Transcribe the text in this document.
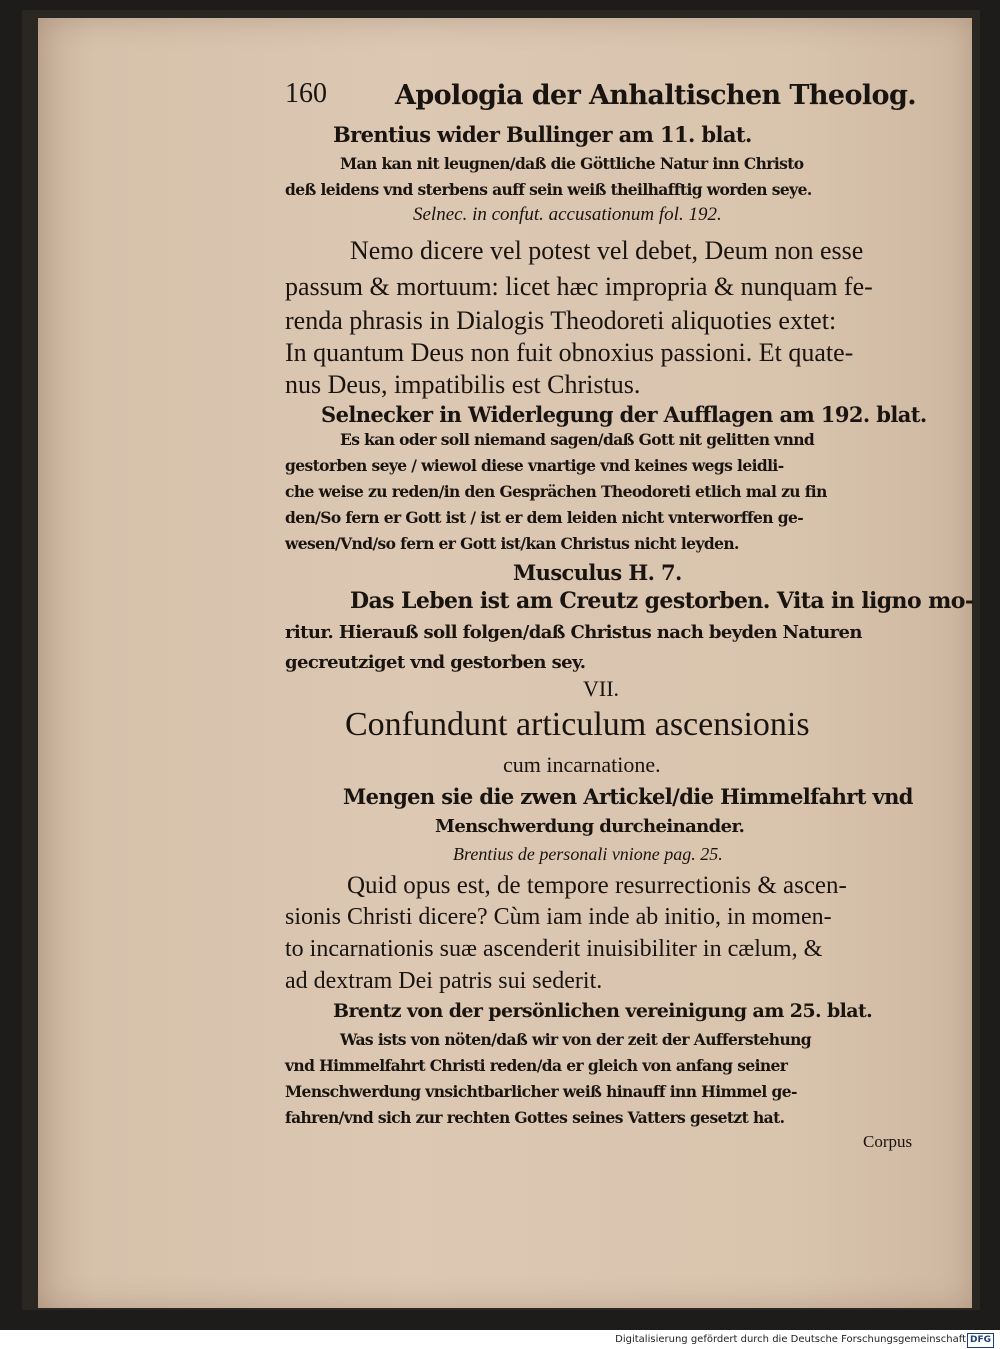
160	Apologia der Anhaltischen Theolog.
Brentius wider Bullinger am 11. blat.
Man kan nit leugnen/daß die Göttliche Natur inn Christo
deß leidens vnd sterbens auff sein weiß theilhafftig worden seye.
Selnec. in confut. accusationum fol. 192.
Nemo dicere vel potest vel debet, Deum non esse
passum & mortuum: licet hæc impropria & nunquam fe-
renda phrasis in Dialogis Theodoreti aliquoties extet:
In quantum Deus non fuit obnoxius passioni. Et quate-
nus Deus, impatibilis est Christus.
Selnecker in Widerlegung der Aufflagen am 192. blat.
Es kan oder soll niemand sagen/daß Gott nit gelitten vnnd
gestorben seye / wiewol diese vnartige vnd keines wegs leidli-
che weise zu reden/in den Gesprächen Theodoreti etlich mal zu fin
den/So fern er Gott ist / ist er dem leiden nicht vnterworffen ge-
wesen/Vnd/so fern er Gott ist/kan Christus nicht leyden.
Musculus H. 7.
Das Leben ist am Creutz gestorben. Vita in ligno mo-
ritur. Hierauß soll folgen/daß Christus nach beyden Naturen
gecreutziget vnd gestorben sey.
VII.
Confundunt articulum ascensionis
cum incarnatione.
Mengen sie die zwen Artickel/die Himmelfahrt vnd
Menschwerdung durcheinander.
Brentius de personali vnione pag. 25.
Quid opus est, de tempore resurrectionis & ascen-
sionis Christi dicere? Cùm iam inde ab initio, in momen-
to incarnationis suæ ascenderit inuisibiliter in cælum, &
ad dextram Dei patris sui sederit.
Brentz von der persönlichen vereinigung am 25. blat.
Was ists von nöten/daß wir von der zeit der Aufferstehung
vnd Himmelfahrt Christi reden/da er gleich von anfang seiner
Menschwerdung vnsichtbarlicher weiß hinauff inn Himmel ge-
fahren/vnd sich zur rechten Gottes seines Vatters gesetzt hat.
Corpus
Digitalisierung gefördert durch die Deutsche Forschungsgemeinschaft DFG
